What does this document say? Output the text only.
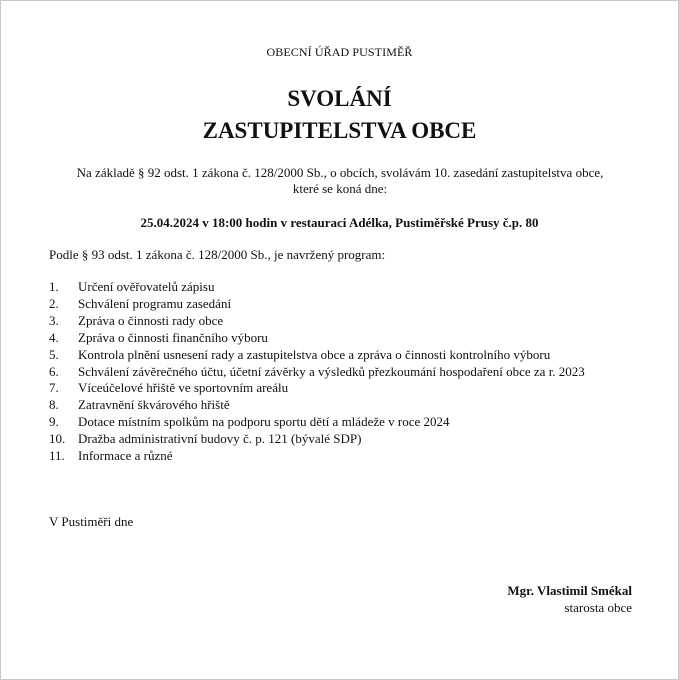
OBECNÍ ÚŘAD PUSTIMĚŘ
SVOLÁNÍ
ZASTUPITELSTVA OBCE
Na základě § 92 odst. 1 zákona č. 128/2000 Sb., o obcích, svolávám 10. zasedání zastupitelstva obce,
které se koná dne:
25.04.2024 v 18:00 hodin v restauraci Adélka, Pustiměřské Prusy č.p. 80
Podle § 93 odst. 1 zákona č. 128/2000 Sb., je navržený program:
1.	Určení ověřovatelů zápisu
2.	Schválení programu zasedání
3.	Zpráva o činnosti rady obce
4.	Zpráva o činnosti finančního výboru
5.	Kontrola plnění usnesení rady a zastupitelstva obce a zpráva o činnosti kontrolního výboru
6.	Schválení závěrečného účtu, účetní závěrky a výsledků přezkoumání hospodaření obce za r. 2023
7.	Víceúčelové hřiště ve sportovním areálu
8.	Zatravnění škvárového hřiště
9.	Dotace místním spolkům na podporu sportu dětí a mládeže v roce 2024
10. Dražba administrativní budovy č. p. 121 (bývalé SDP)
11.	Informace a různé
V Pustiměři dne
Mgr. Vlastimil Smékal
starosta obce
